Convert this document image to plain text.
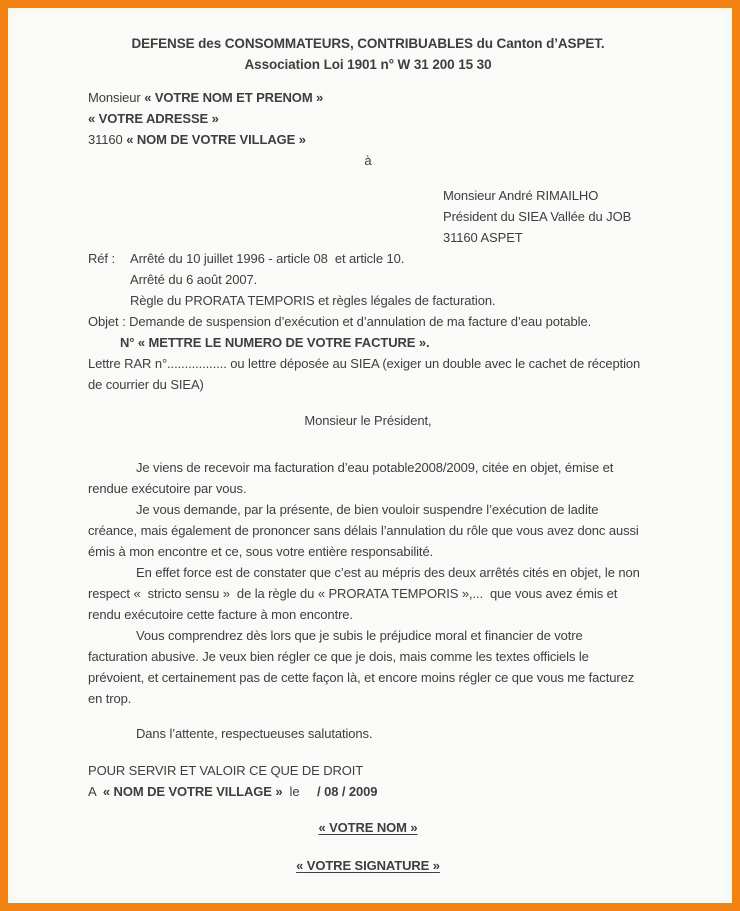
DEFENSE des CONSOMMATEURS, CONTRIBUABLES du Canton d’ASPET.
Association Loi 1901 n° W 31 200 15 30
Monsieur « VOTRE NOM ET PRENOM »
« VOTRE ADRESSE »
31160 « NOM DE VOTRE VILLAGE »
à
Monsieur André RIMAILHO
Président du SIEA Vallée du JOB
31160 ASPET
Réf :	Arrêté du 10 juillet 1996 - article 08  et article 10.
Arrêté du 6 août 2007.
Règle du PRORATA TEMPORIS et règles légales de facturation.
Objet : Demande de suspension d’exécution et d’annulation de ma facture d’eau potable.
N° « METTRE LE NUMERO DE VOTRE FACTURE ».

Lettre RAR n°................. ou lettre déposée au SIEA (exiger un double avec le cachet de réception de courrier du SIEA)

Monsieur le Président,

Je viens de recevoir ma facturation d’eau potable2008/2009, citée en objet, émise et rendue exécutoire par vous.

Je vous demande, par la présente, de bien vouloir suspendre l’exécution de ladite créance, mais également de prononcer sans délais l’annulation du rôle que vous avez donc aussi émis à mon encontre et ce, sous votre entière responsabilité.

En effet force est de constater que c’est au mépris des deux arrêtés cités en objet, le non respect «  stricto sensu »  de la règle du « PRORATA TEMPORIS »,...  que vous avez émis et rendu exécutoire cette facture à mon encontre.

Vous comprendrez dès lors que je subis le préjudice moral et financier de votre  facturation abusive. Je veux bien régler ce que je dois, mais comme les textes officiels le prévoient, et certainement pas de cette façon là, et encore moins régler ce que vous me facturez en trop.

Dans l’attente, respectueuses salutations.
POUR SERVIR ET VALOIR CE QUE DE DROIT
A  « NOM DE VOTRE VILLAGE »  le     / 08 / 2009
« VOTRE NOM »
« VOTRE SIGNATURE »
